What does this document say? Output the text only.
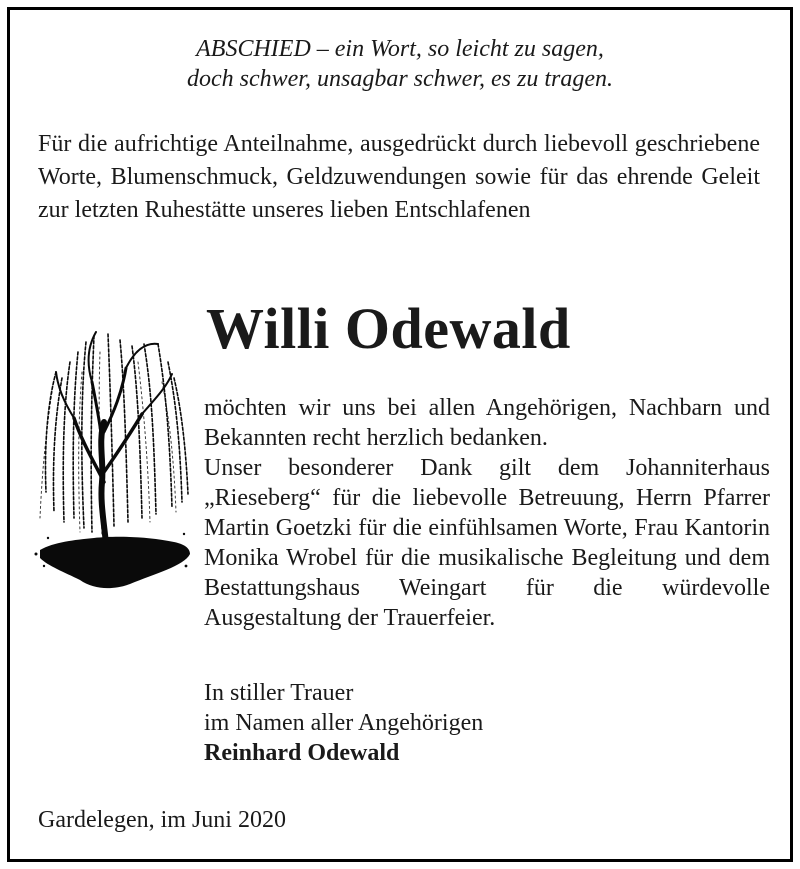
ABSCHIED – ein Wort, so leicht zu sagen,
doch schwer, unsagbar schwer, es zu tragen.
Für die aufrichtige Anteilnahme, ausgedrückt durch liebevoll geschriebene Worte, Blumenschmuck, Geldzuwendungen sowie für das ehrende Geleit zur letzten Ruhestätte unseres lieben Entschlafenen
Willi Odewald

möchten wir uns bei allen Angehörigen, Nachbarn und Bekannten recht herzlich bedanken.

Unser besonderer Dank gilt dem Johanniterhaus „Rieseberg“ für die liebevolle Betreuung, Herrn Pfarrer Martin Goetzki für die einfühlsamen Worte, Frau Kantorin Monika Wrobel für die musikalische Begleitung und dem Bestattungshaus Weingart für die würdevolle Ausgestaltung der Trauerfeier.

In stiller Trauer
im Namen aller Angehörigen
Reinhard Odewald
Gardelegen, im Juni 2020
